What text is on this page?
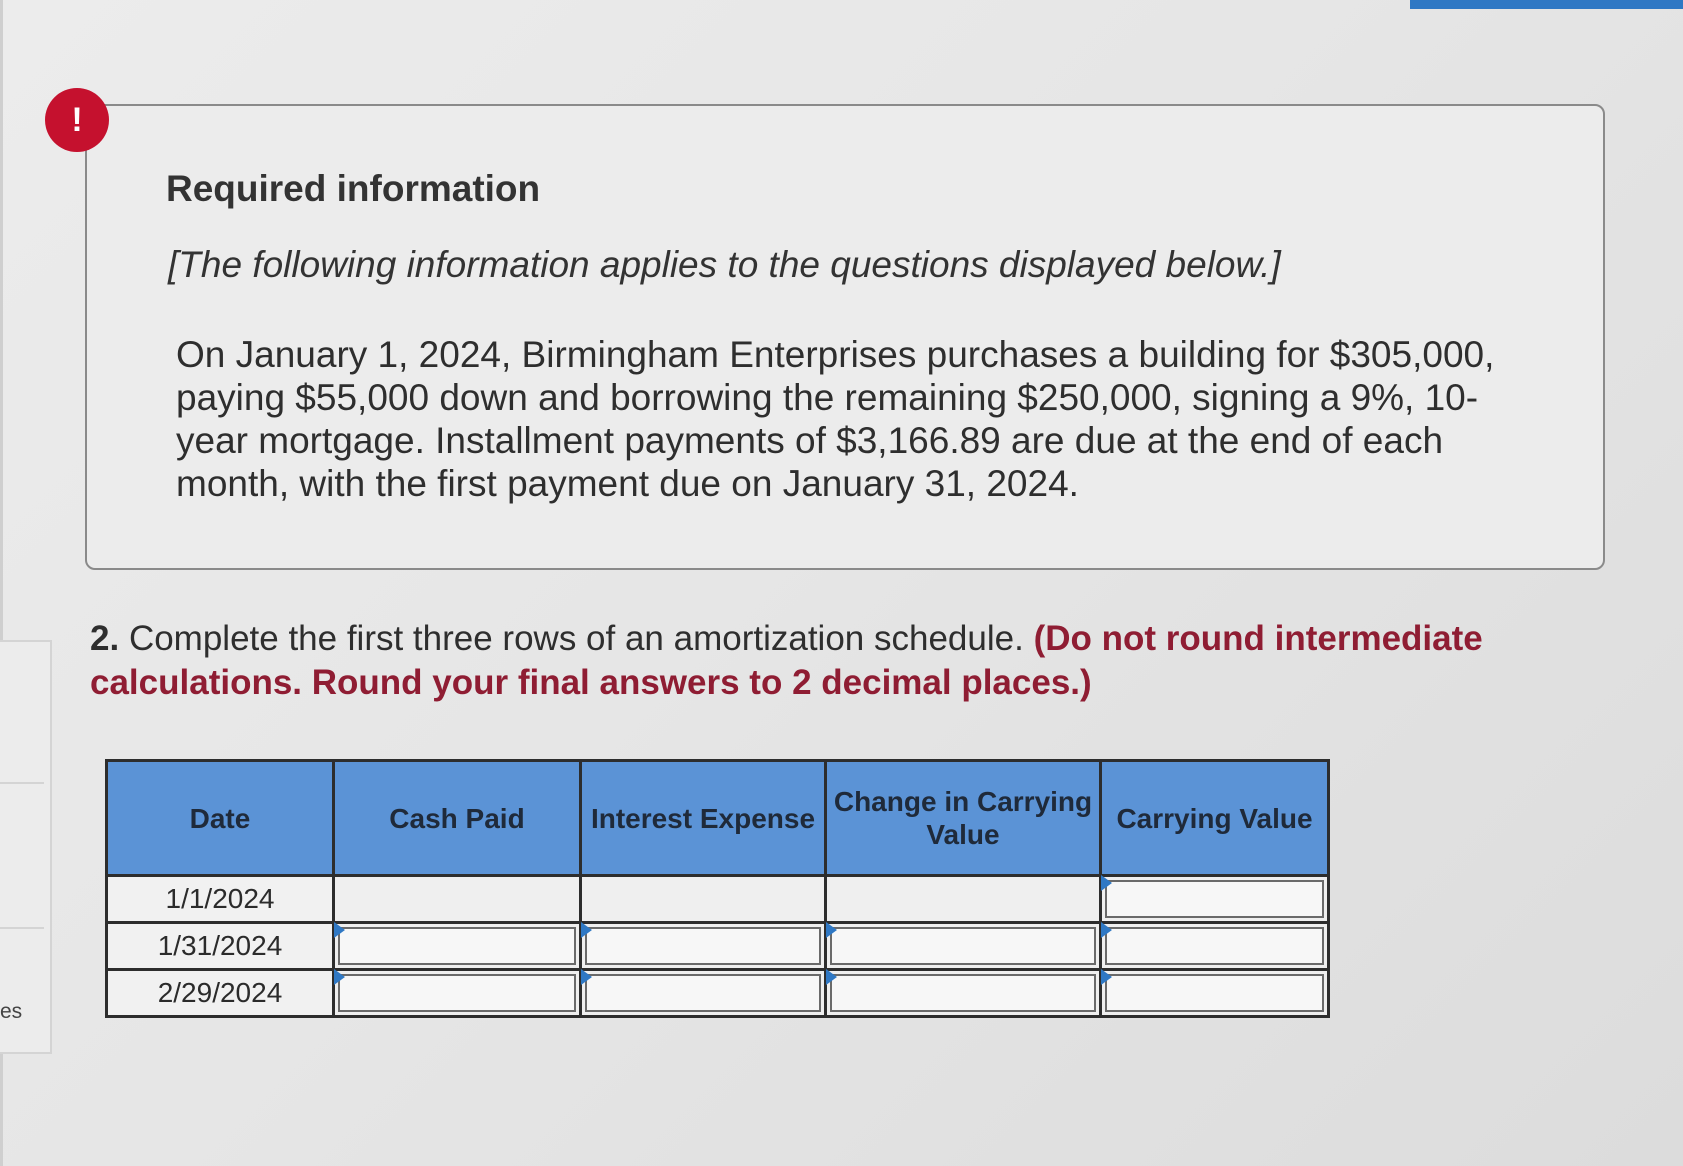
es
!
Required information
[The following information applies to the questions displayed below.]
On January 1, 2024, Birmingham Enterprises purchases a building for $305,000, paying $55,000 down and borrowing the remaining $250,000, signing a 9%, 10-year mortgage. Installment payments of $3,166.89 are due at the end of each month, with the first payment due on January 31, 2024.
2. Complete the first three rows of an amortization schedule. (Do not round intermediate calculations. Round your final answers to 2 decimal places.)
Date	Cash Paid	Interest Expense	Change in Carrying Value	Carrying Value
1/1/2024				

1/31/2024	

2/29/2024	
